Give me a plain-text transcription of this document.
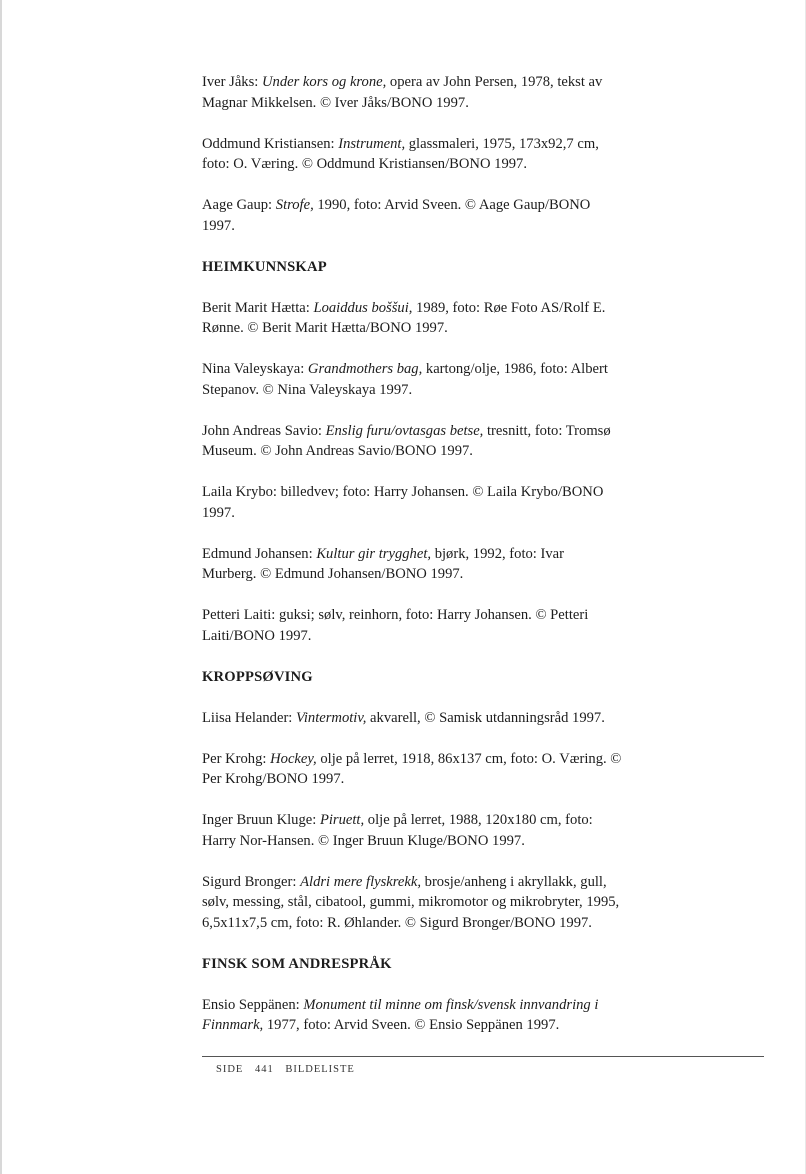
Iver Jåks: Under kors og krone, opera av John Persen, 1978, tekst av Magnar Mikkelsen. © Iver Jåks/BONO 1997.
Oddmund Kristiansen: Instrument, glassmaleri, 1975, 173x92,7 cm, foto: O. Væring. © Oddmund Kristiansen/BONO 1997.
Aage Gaup: Strofe, 1990, foto: Arvid Sveen. © Aage Gaup/BONO 1997.
HEIMKUNNSKAP
Berit Marit Hætta: Loaiddus boššui, 1989, foto: Røe Foto AS/Rolf E. Rønne. © Berit Marit Hætta/BONO 1997.
Nina Valeyskaya: Grandmothers bag, kartong/olje, 1986, foto: Albert Stepanov. © Nina Valeyskaya 1997.
John Andreas Savio: Enslig furu/ovtasgas betse, tresnitt, foto: Tromsø Museum. © John Andreas Savio/BONO 1997.
Laila Krybo: billedvev; foto: Harry Johansen. © Laila Krybo/BONO 1997.
Edmund Johansen: Kultur gir trygghet, bjørk, 1992, foto: Ivar Murberg. © Edmund Johansen/BONO 1997.
Petteri Laiti: guksi; sølv, reinhorn, foto: Harry Johansen. © Petteri Laiti/BONO 1997.
KROPPSØVING
Liisa Helander: Vintermotiv, akvarell, © Samisk utdanningsråd 1997.
Per Krohg: Hockey, olje på lerret, 1918, 86x137 cm, foto: O. Væring. © Per Krohg/BONO 1997.
Inger Bruun Kluge: Piruett, olje på lerret, 1988, 120x180 cm, foto: Harry Nor-Hansen. © Inger Bruun Kluge/BONO 1997.
Sigurd Bronger: Aldri mere flyskrekk, brosje/anheng i akryllakk, gull, sølv, messing, stål, cibatool, gummi, mikromotor og mikrobryter, 1995, 6,5x11x7,5 cm, foto: R. Øhlander. © Sigurd Bronger/BONO 1997.
FINSK SOM ANDRESPRÅK
Ensio Seppänen: Monument til minne om finsk/svensk innvandring i Finnmark, 1977, foto: Arvid Sveen. © Ensio Seppänen 1997.
SIDE 441 BILDELISTE
